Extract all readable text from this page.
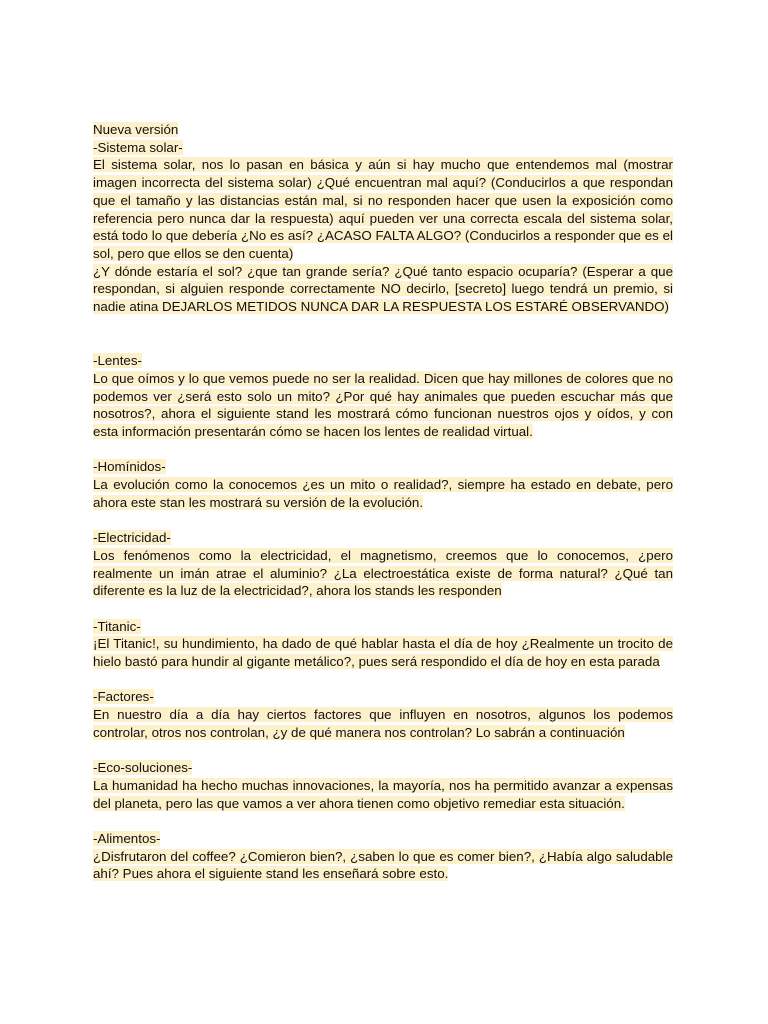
Nueva versión
-Sistema solar-
El sistema solar, nos lo pasan en básica y aún si hay mucho que entendemos mal (mostrar imagen incorrecta del sistema solar) ¿Qué encuentran mal aquí? (Conducirlos a que respondan que el tamaño y las distancias están mal, si no responden hacer que usen la exposición como referencia pero nunca dar la respuesta) aquí pueden ver una correcta escala del sistema solar, está todo lo que debería ¿No es así? ¿ACASO FALTA ALGO? (Conducirlos a responder que es el sol, pero que ellos se den cuenta)
¿Y dónde estaría el sol? ¿que tan grande sería? ¿Qué tanto espacio ocuparía? (Esperar a que respondan, si alguien responde correctamente NO decirlo, [secreto] luego tendrá un premio, si nadie atina DEJARLOS METIDOS NUNCA DAR LA RESPUESTA LOS ESTARÉ OBSERVANDO)
-Lentes-
Lo que oímos y lo que vemos puede no ser la realidad. Dicen que hay millones de colores que no podemos ver ¿será esto solo un mito? ¿Por qué hay animales que pueden escuchar más que nosotros?, ahora el siguiente stand les mostrará cómo funcionan nuestros ojos y oídos, y con esta información presentarán cómo se hacen los lentes de realidad virtual.
-Homínidos-
La evolución como la conocemos ¿es un mito o realidad?, siempre ha estado en debate, pero ahora este stan les mostrará su versión de la evolución.
-Electricidad-
Los fenómenos como la electricidad, el magnetismo, creemos que lo conocemos, ¿pero realmente un imán atrae el aluminio? ¿La electroestática existe de forma natural? ¿Qué tan diferente es la luz de la electricidad?, ahora los stands les responden
-Titanic-
¡El Titanic!, su hundimiento, ha dado de qué hablar hasta el día de hoy ¿Realmente un trocito de hielo bastó para hundir al gigante metálico?, pues será respondido el día de hoy en esta parada
-Factores-
En nuestro día a día hay ciertos factores que influyen en nosotros, algunos los podemos controlar, otros nos controlan, ¿y de qué manera nos controlan? Lo sabrán a continuación
-Eco-soluciones-
La humanidad ha hecho muchas innovaciones, la mayoría, nos ha permitido avanzar a expensas del planeta, pero las que vamos a ver ahora tienen como objetivo remediar esta situación.
-Alimentos-
¿Disfrutaron del coffee? ¿Comieron bien?, ¿saben lo que es comer bien?, ¿Había algo saludable ahí? Pues ahora el siguiente stand les enseñará sobre esto.
